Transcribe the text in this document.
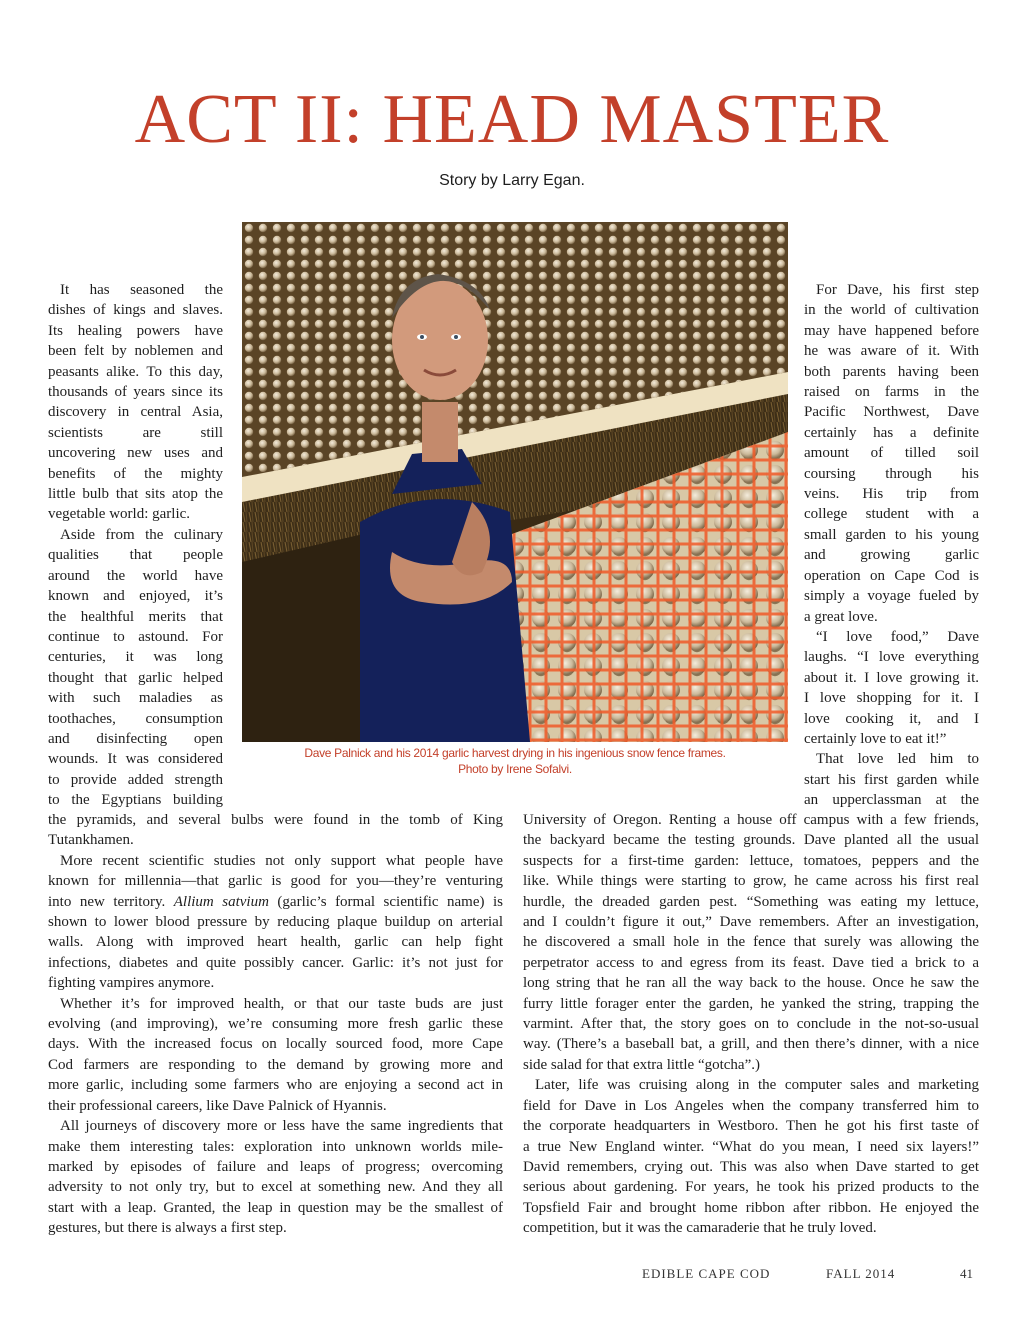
ACT II: HEAD MASTER
Story by Larry Egan.
Dave Palnick and his 2014 garlic harvest drying in his ingenious snow fence frames.
Photo by Irene Sofalvi.
It has seasoned the
dishes of kings and slaves.
Its healing powers have
been felt by noblemen and
peasants alike. To this day,
thousands of years since its
discovery in central Asia,
scientists are still
uncovering new uses and
benefits of the mighty
little bulb that sits atop the
vegetable world: garlic.
Aside from the culinary
qualities that people
around the world have
known and enjoyed, it’s
the healthful merits that
continue to astound. For
centuries, it was long
thought that garlic helped
with such maladies as
toothaches, consumption
and disinfecting open
wounds. It was considered
to provide added strength
to the Egyptians building
the pyramids, and several bulbs were found in the tomb of King
Tutankhamen.
More recent scientific studies not only support what people have
known for millennia—that garlic is good for you—they’re venturing
into new territory. Allium satvium (garlic’s formal scientific name) is
shown to lower blood pressure by reducing plaque buildup on arterial
walls. Along with improved heart health, garlic can help fight
infections, diabetes and quite possibly cancer. Garlic: it’s not just for
fighting vampires anymore.
Whether it’s for improved health, or that our taste buds are just
evolving (and improving), we’re consuming more fresh garlic these
days. With the increased focus on locally sourced food, more Cape
Cod farmers are responding to the demand by growing more and
more garlic, including some farmers who are enjoying a second act in
their professional careers, like Dave Palnick of Hyannis.
All journeys of discovery more or less have the same ingredients that
make them interesting tales: exploration into unknown worlds mile-
marked by episodes of failure and leaps of progress; overcoming
adversity to not only try, but to excel at something new. And they all
start with a leap. Granted, the leap in question may be the smallest of
gestures, but there is always a first step.
For Dave, his first step
in the world of cultivation
may have happened before
he was aware of it. With
both parents having been
raised on farms in the
Pacific Northwest, Dave
certainly has a definite
amount of tilled soil
coursing through his
veins. His trip from
college student with a
small garden to his young
and growing garlic
operation on Cape Cod is
simply a voyage fueled by
a great love.
“I love food,” Dave
laughs. “I love everything
about it. I love growing it.
I love shopping for it. I
love cooking it, and I
certainly love to eat it!”
That love led him to
start his first garden while
an upperclassman at the
University of Oregon. Renting a house off campus with a few friends,
the backyard became the testing grounds. Dave planted all the usual
suspects for a first-time garden: lettuce, tomatoes, peppers and the
like. While things were starting to grow, he came across his first real
hurdle, the dreaded garden pest. “Something was eating my lettuce,
and I couldn’t figure it out,” Dave remembers. After an investigation,
he discovered a small hole in the fence that surely was allowing the
perpetrator access to and egress from its feast. Dave tied a brick to a
long string that he ran all the way back to the house. Once he saw the
furry little forager enter the garden, he yanked the string, trapping the
varmint. After that, the story goes on to conclude in the not-so-usual
way. (There’s a baseball bat, a grill, and then there’s dinner, with a nice
side salad for that extra little “gotcha”.)
Later, life was cruising along in the computer sales and marketing
field for Dave in Los Angeles when the company transferred him to
the corporate headquarters in Westboro. Then he got his first taste of
a true New England winter. “What do you mean, I need six layers!”
David remembers, crying out. This was also when Dave started to get
serious about gardening. For years, he took his prized products to the
Topsfield Fair and brought home ribbon after ribbon. He enjoyed the
competition, but it was the camaraderie that he truly loved.
EDIBLE CAPE COD	FALL 2014	41
